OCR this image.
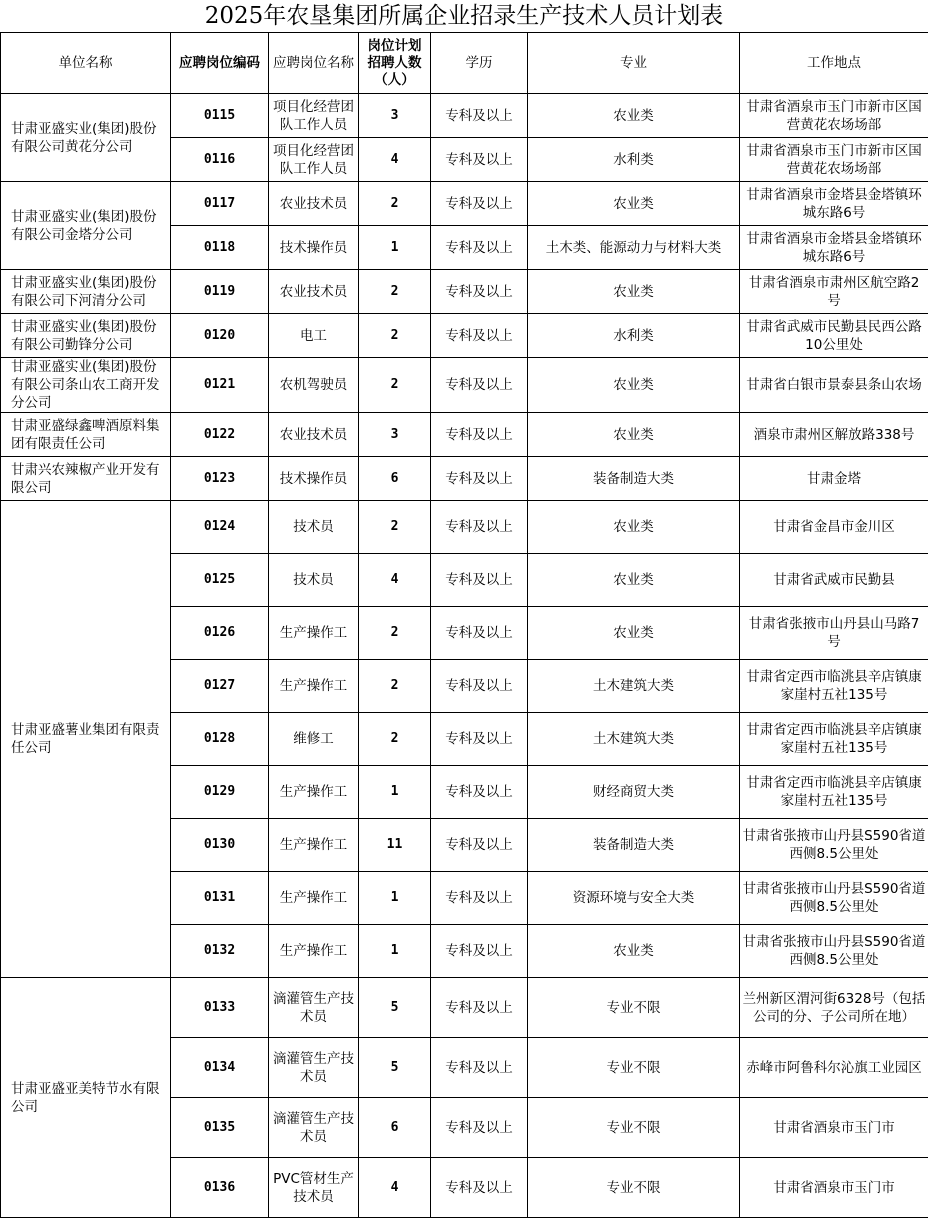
2025年农垦集团所属企业招录生产技术人员计划表
单位名称	应聘岗位编码	应聘岗位名称	岗位计划招聘人数（人）	学历	专业	工作地点
甘肃亚盛实业(集团)股份有限公司黄花分公司	0115	项目化经营团队工作人员	3	专科及以上	农业类	甘肃省酒泉市玉门市新市区国营黄花农场场部
	0116	项目化经营团队工作人员	4	专科及以上	水利类	甘肃省酒泉市玉门市新市区国营黄花农场场部
甘肃亚盛实业(集团)股份有限公司金塔分公司	0117	农业技术员	2	专科及以上	农业类	甘肃省酒泉市金塔县金塔镇环城东路6号
	0118	技术操作员	1	专科及以上	土木类、能源动力与材料大类	甘肃省酒泉市金塔县金塔镇环城东路6号
甘肃亚盛实业(集团)股份有限公司下河清分公司	0119	农业技术员	2	专科及以上	农业类	甘肃省酒泉市肃州区航空路2号
甘肃亚盛实业(集团)股份有限公司勤锋分公司	0120	电工	2	专科及以上	水利类	甘肃省武威市民勤县民西公路10公里处
甘肃亚盛实业(集团)股份有限公司条山农工商开发分公司	0121	农机驾驶员	2	专科及以上	农业类	甘肃省白银市景泰县条山农场
甘肃亚盛绿鑫啤酒原料集团有限责任公司	0122	农业技术员	3	专科及以上	农业类	酒泉市肃州区解放路338号
甘肃兴农辣椒产业开发有限公司	0123	技术操作员	6	专科及以上	装备制造大类	甘肃金塔
甘肃亚盛薯业集团有限责任公司	0124	技术员	2	专科及以上	农业类	甘肃省金昌市金川区
	0125	技术员	4	专科及以上	农业类	甘肃省武威市民勤县
	0126	生产操作工	2	专科及以上	农业类	甘肃省张掖市山丹县山马路7号
	0127	生产操作工	2	专科及以上	土木建筑大类	甘肃省定西市临洮县辛店镇康家崖村五社135号
	0128	维修工	2	专科及以上	土木建筑大类	甘肃省定西市临洮县辛店镇康家崖村五社135号
	0129	生产操作工	1	专科及以上	财经商贸大类	甘肃省定西市临洮县辛店镇康家崖村五社135号
	0130	生产操作工	11	专科及以上	装备制造大类	甘肃省张掖市山丹县S590省道西侧8.5公里处
	0131	生产操作工	1	专科及以上	资源环境与安全大类	甘肃省张掖市山丹县S590省道西侧8.5公里处
	0132	生产操作工	1	专科及以上	农业类	甘肃省张掖市山丹县S590省道西侧8.5公里处
甘肃亚盛亚美特节水有限公司	0133	滴灌管生产技术员	5	专科及以上	专业不限	兰州新区渭河街6328号（包括公司的分、子公司所在地）
	0134	滴灌管生产技术员	5	专科及以上	专业不限	赤峰市阿鲁科尔沁旗工业园区
	0135	滴灌管生产技术员	6	专科及以上	专业不限	甘肃省酒泉市玉门市
	0136	PVC管材生产技术员	4	专科及以上	专业不限	甘肃省酒泉市玉门市
